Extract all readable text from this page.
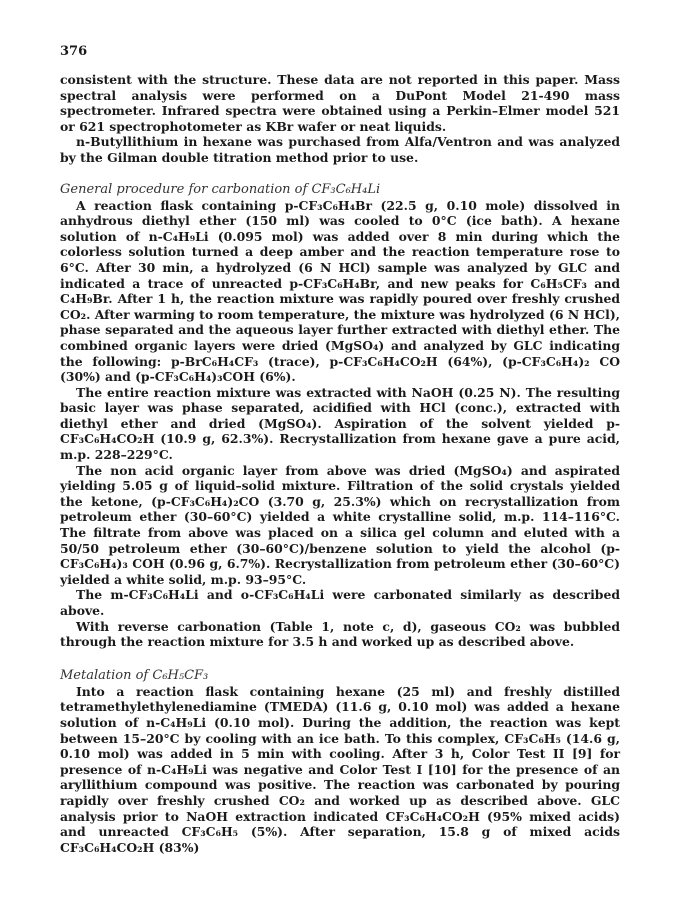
376

consistent with the structure. These data are not reported in this paper. Mass spectral analysis were performed on a DuPont Model 21-490 mass spectrometer. Infrared spectra were obtained using a Perkin–Elmer model 521 or 621 spectrophotometer as KBr wafer or neat liquids.

n-Butyllithium in hexane was purchased from Alfa/Ventron and was analyzed by the Gilman double titration method prior to use.

General procedure for carbonation of CF₃C₆H₄Li

A reaction flask containing p-CF₃C₆H₄Br (22.5 g, 0.10 mole) dissolved in anhydrous diethyl ether (150 ml) was cooled to 0°C (ice bath). A hexane solution of n-C₄H₉Li (0.095 mol) was added over 8 min during which the colorless solution turned a deep amber and the reaction temperature rose to 6°C. After 30 min, a hydrolyzed (6 N HCl) sample was analyzed by GLC and indicated a trace of unreacted p-CF₃C₆H₄Br, and new peaks for C₆H₅CF₃ and C₄H₉Br. After 1 h, the reaction mixture was rapidly poured over freshly crushed CO₂. After warming to room temperature, the mixture was hydrolyzed (6 N HCl), phase separated and the aqueous layer further extracted with diethyl ether. The combined organic layers were dried (MgSO₄) and analyzed by GLC indicating the following: p-BrC₆H₄CF₃ (trace), p-CF₃C₆H₄CO₂H (64%), (p-CF₃C₆H₄)₂ CO (30%) and (p-CF₃C₆H₄)₃COH (6%).

The entire reaction mixture was extracted with NaOH (0.25 N). The resulting basic layer was phase separated, acidified with HCl (conc.), extracted with diethyl ether and dried (MgSO₄). Aspiration of the solvent yielded p-CF₃C₆H₄CO₂H (10.9 g, 62.3%). Recrystallization from hexane gave a pure acid, m.p. 228–229°C.

The non acid organic layer from above was dried (MgSO₄) and aspirated yielding 5.05 g of liquid–solid mixture. Filtration of the solid crystals yielded the ketone, (p-CF₃C₆H₄)₂CO (3.70 g, 25.3%) which on recrystallization from petroleum ether (30–60°C) yielded a white crystalline solid, m.p. 114–116°C. The filtrate from above was placed on a silica gel column and eluted with a 50/50 petroleum ether (30–60°C)/benzene solution to yield the alcohol (p-CF₃C₆H₄)₃ COH (0.96 g, 6.7%). Recrystallization from petroleum ether (30–60°C) yielded a white solid, m.p. 93–95°C.

The m-CF₃C₆H₄Li and o-CF₃C₆H₄Li were carbonated similarly as described above.

With reverse carbonation (Table 1, note c, d), gaseous CO₂ was bubbled through the reaction mixture for 3.5 h and worked up as described above.

Metalation of C₆H₅CF₃

Into a reaction flask containing hexane (25 ml) and freshly distilled tetramethylethylenediamine (TMEDA) (11.6 g, 0.10 mol) was added a hexane solution of n-C₄H₉Li (0.10 mol). During the addition, the reaction was kept between 15–20°C by cooling with an ice bath. To this complex, CF₃C₆H₅ (14.6 g, 0.10 mol) was added in 5 min with cooling. After 3 h, Color Test II [9] for presence of n-C₄H₉Li was negative and Color Test I [10] for the presence of an aryllithium compound was positive. The reaction was carbonated by pouring rapidly over freshly crushed CO₂ and worked up as described above. GLC analysis prior to NaOH extraction indicated CF₃C₆H₄CO₂H (95% mixed acids) and unreacted CF₃C₆H₅ (5%). After separation, 15.8 g of mixed acids CF₃C₆H₄CO₂H (83%)
